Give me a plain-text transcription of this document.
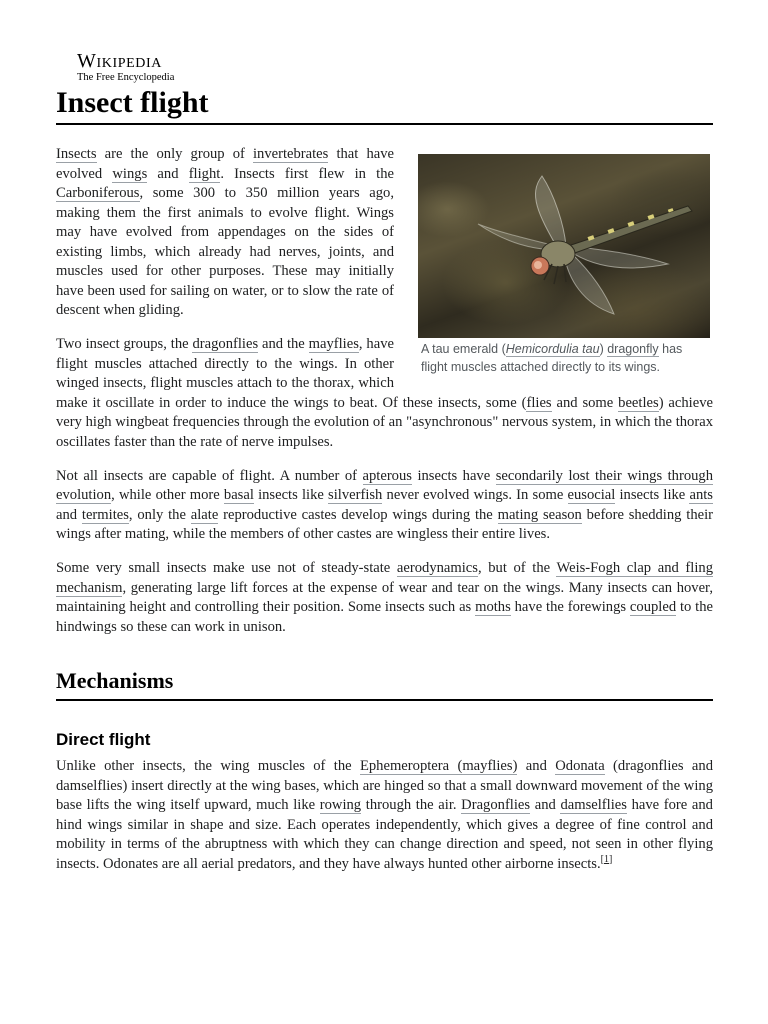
Wikipedia
The Free Encyclopedia
Insect flight
A tau emerald (Hemicordulia tau) dragonfly has flight muscles attached directly to its wings.

Insects are the only group of invertebrates that have evolved wings and flight. Insects first flew in the Carboniferous, some 300 to 350 million years ago, making them the first animals to evolve flight. Wings may have evolved from appendages on the sides of existing limbs, which already had nerves, joints, and muscles used for other purposes. These may initially have been used for sailing on water, or to slow the rate of descent when gliding.

Two insect groups, the dragonflies and the mayflies, have flight muscles attached directly to the wings. In other winged insects, flight muscles attach to the thorax, which make it oscillate in order to induce the wings to beat. Of these insects, some (flies and some beetles) achieve very high wingbeat frequencies through the evolution of an "asynchronous" nervous system, in which the thorax oscillates faster than the rate of nerve impulses.

Not all insects are capable of flight. A number of apterous insects have secondarily lost their wings through evolution, while other more basal insects like silverfish never evolved wings. In some eusocial insects like ants and termites, only the alate reproductive castes develop wings during the mating season before shedding their wings after mating, while the members of other castes are wingless their entire lives.

Some very small insects make use not of steady-state aerodynamics, but of the Weis-Fogh clap and fling mechanism, generating large lift forces at the expense of wear and tear on the wings. Many insects can hover, maintaining height and controlling their position. Some insects such as moths have the forewings coupled to the hindwings so these can work in unison.

Mechanisms
Direct flight

Unlike other insects, the wing muscles of the Ephemeroptera (mayflies) and Odonata (dragonflies and damselflies) insert directly at the wing bases, which are hinged so that a small downward movement of the wing base lifts the wing itself upward, much like rowing through the air. Dragonflies and damselflies have fore and hind wings similar in shape and size. Each operates independently, which gives a degree of fine control and mobility in terms of the abruptness with which they can change direction and speed, not seen in other flying insects. Odonates are all aerial predators, and they have always hunted other airborne insects.[1]
